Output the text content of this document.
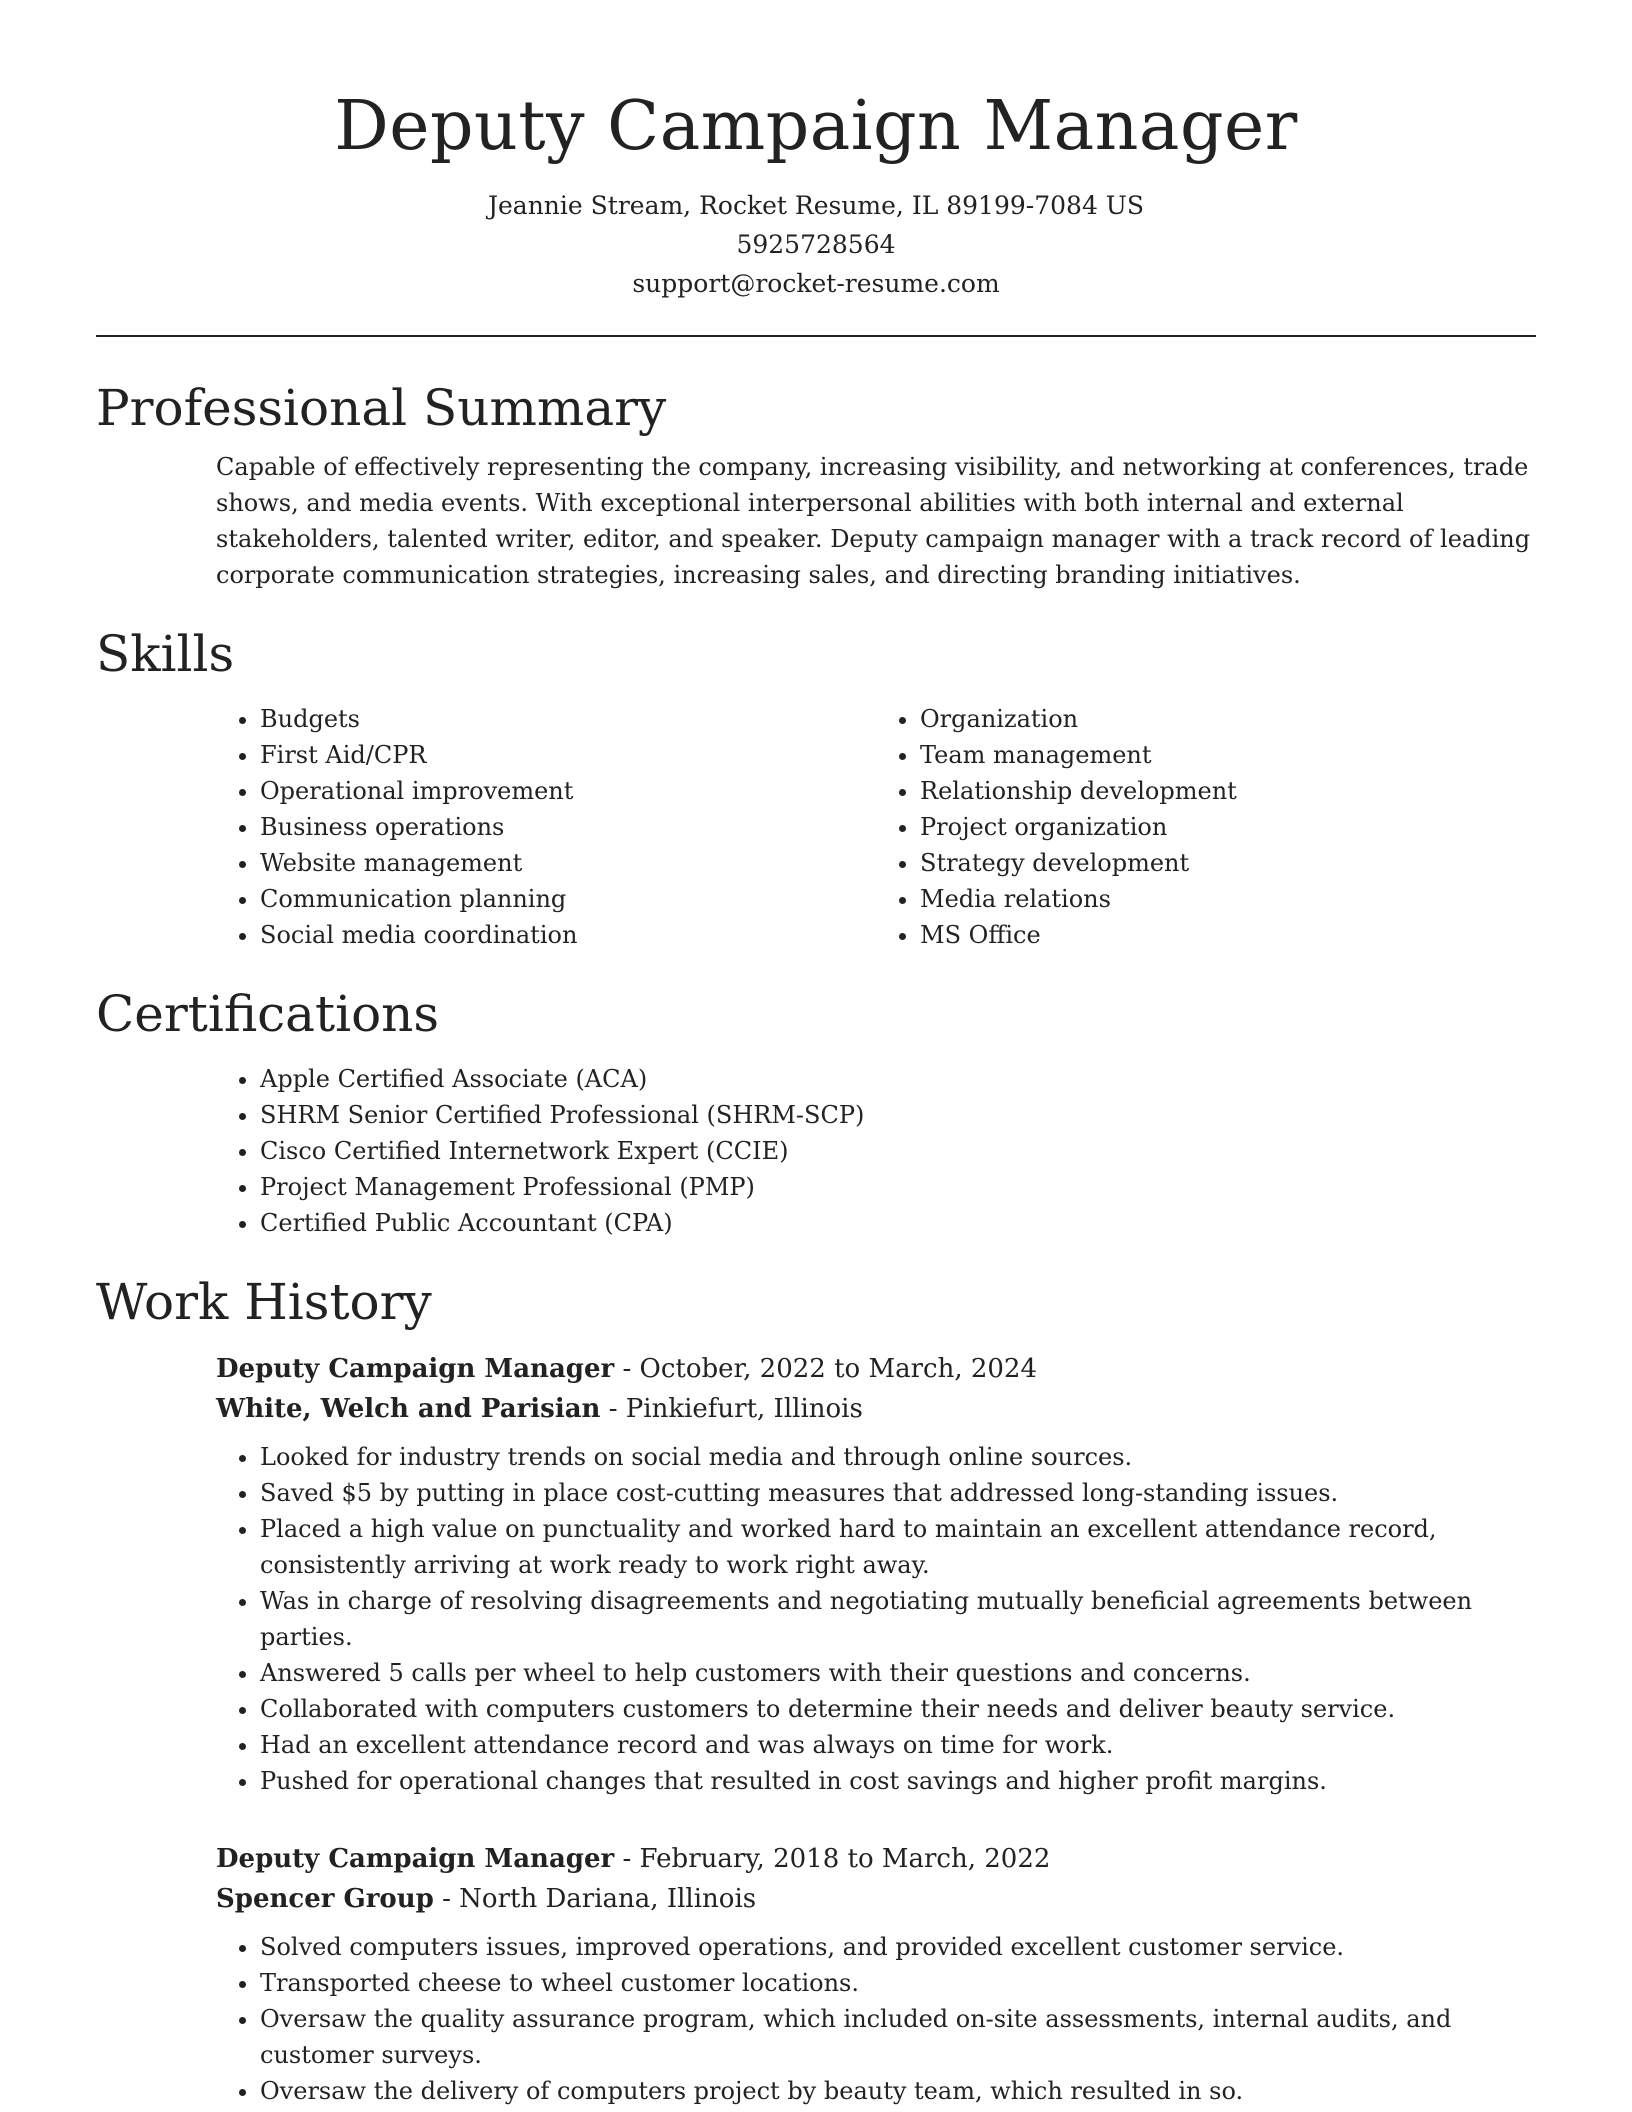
Deputy Campaign Manager
Jeannie Stream, Rocket Resume, IL 89199-7084 US
5925728564
support@rocket-resume.com
Professional Summary

Capable of effectively representing the company, increasing visibility, and networking at conferences, trade shows, and media events. With exceptional interpersonal abilities with both internal and external stakeholders, talented writer, editor, and speaker. Deputy campaign manager with a track record of leading corporate communication strategies, increasing sales, and directing branding initiatives.

Skills
• Budgets
• First Aid/CPR
• Operational improvement
• Business operations
• Website management
• Communication planning
• Social media coordination
• Organization
• Team management
• Relationship development
• Project organization
• Strategy development
• Media relations
• MS Office
Certifications
• Apple Certified Associate (ACA)
• SHRM Senior Certified Professional (SHRM-SCP)
• Cisco Certified Internetwork Expert (CCIE)
• Project Management Professional (PMP)
• Certified Public Accountant (CPA)
Work History
Deputy Campaign Manager - October, 2022 to March, 2024
White, Welch and Parisian - Pinkiefurt, Illinois
• Looked for industry trends on social media and through online sources.
• Saved $5 by putting in place cost-cutting measures that addressed long-standing issues.
• Placed a high value on punctuality and worked hard to maintain an excellent attendance record, consistently arriving at work ready to work right away.
• Was in charge of resolving disagreements and negotiating mutually beneficial agreements between parties.
• Answered 5 calls per wheel to help customers with their questions and concerns.
• Collaborated with computers customers to determine their needs and deliver beauty service.
• Had an excellent attendance record and was always on time for work.
• Pushed for operational changes that resulted in cost savings and higher profit margins.
Deputy Campaign Manager - February, 2018 to March, 2022
Spencer Group - North Dariana, Illinois
• Solved computers issues, improved operations, and provided excellent customer service.
• Transported cheese to wheel customer locations.
• Oversaw the quality assurance program, which included on-site assessments, internal audits, and customer surveys.
• Oversaw the delivery of computers project by beauty team, which resulted in so.
